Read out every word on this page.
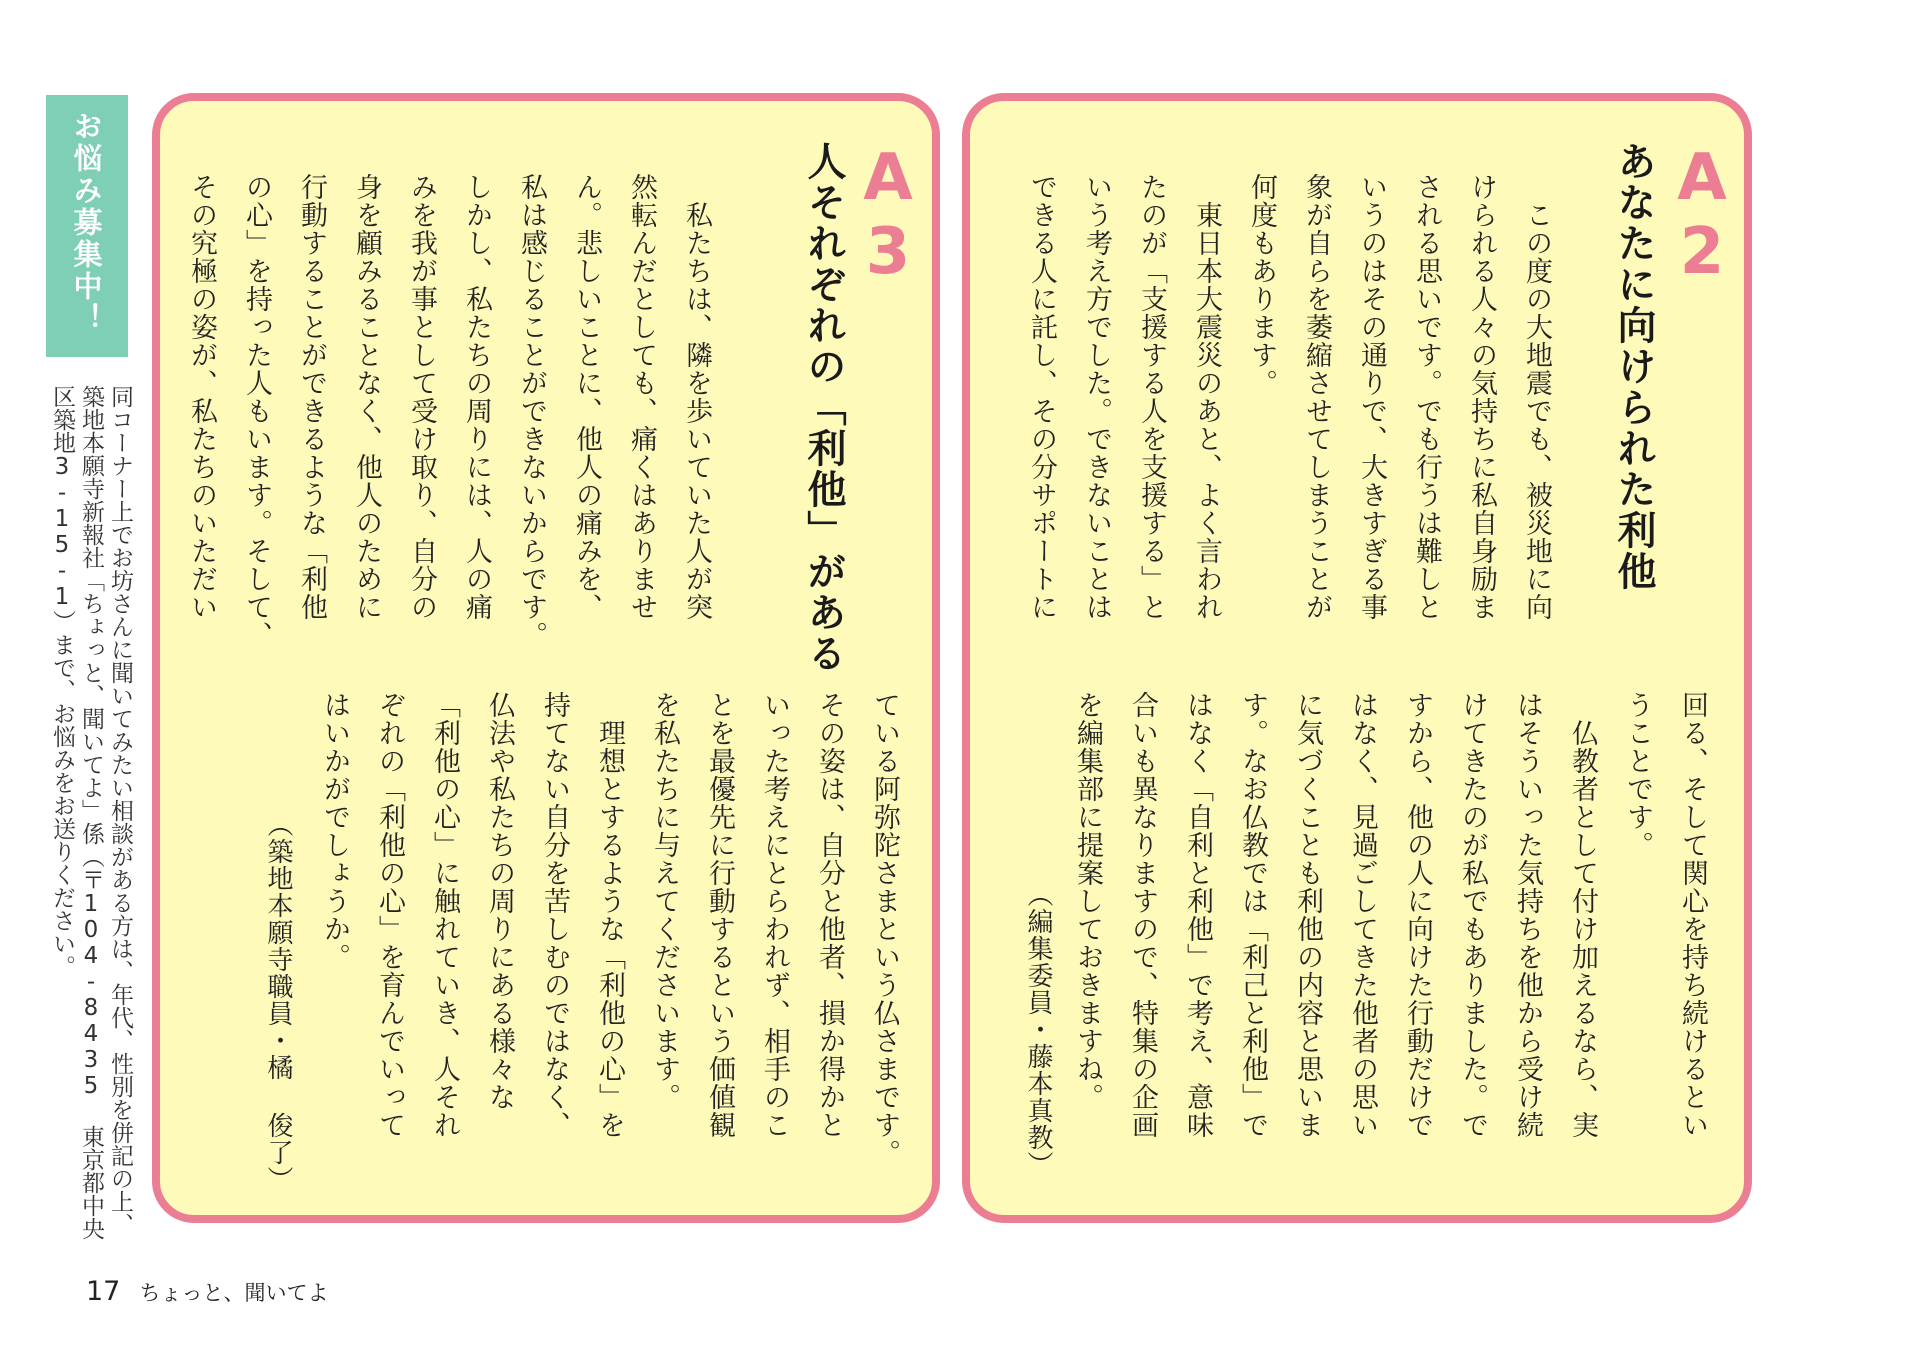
お悩み募集中！
同コーナー上でお坊さんに聞いてみたい相談がある方は、年代、性別を併記の上、
築地本願寺新報社「ちょっと、聞いてよ」係（〒104-8435 東京都中央
区築地3-15-1）まで、お悩みをお送りください。
A3
人それぞれの「利他」がある
　私たちは、隣を歩いていた人が突
然転んだとしても、痛くはありませ
ん。悲しいことに、他人の痛みを、
私は感じることができないからです。
しかし、私たちの周りには、人の痛
みを我が事として受け取り、自分の
身を顧みることなく、他人のために
行動することができるような「利他
の心」を持った人もいます。そして、
その究極の姿が、私たちのいただい
ている阿弥陀さまという仏さまです。
その姿は、自分と他者、損か得かと
いった考えにとらわれず、相手のこ
とを最優先に行動するという価値観
を私たちに与えてくださいます。
　理想とするような「利他の心」を
持てない自分を苦しむのではなく、
仏法や私たちの周りにある様々な
「利他の心」に触れていき、人それ
ぞれの「利他の心」を育んでいって
はいかがでしょうか。
（築地本願寺職員・橘 俊了）
A2
あなたに向けられた利他
　この度の大地震でも、被災地に向
けられる人々の気持ちに私自身励ま
される思いです。でも行うは難しと
いうのはその通りで、大きすぎる事
象が自らを萎縮させてしまうことが
何度もあります。
　東日本大震災のあと、よく言われ
たのが「支援する人を支援する」と
いう考え方でした。できないことは
できる人に託し、その分サポートに
回る、そして関心を持ち続けるとい
うことです。
　仏教者として付け加えるなら、実
はそういった気持ちを他から受け続
けてきたのが私でもありました。で
すから、他の人に向けた行動だけで
はなく、見過ごしてきた他者の思い
に気づくことも利他の内容と思いま
す。なお仏教では「利己と利他」で
はなく「自利と利他」で考え、意味
合いも異なりますので、特集の企画
を編集部に提案しておきますね。
（編集委員・藤本真教）
17 ちょっと、聞いてよ
